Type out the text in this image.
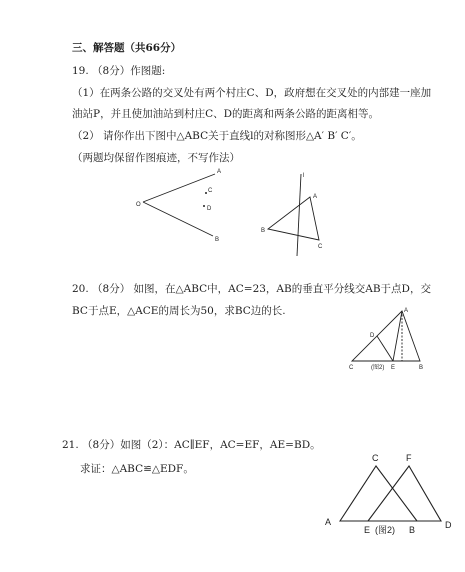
三、解答题（共66分）
19. （8分）作图题:
（1）在两条公路的交叉处有两个村庄C、D，政府想在交叉处的内部建一座加
油站P，并且使加油站到村庄C、D的距离和两条公路的距离相等。
（2） 请你作出下图中△ABC关于直线l的对称图形△A′ B′ C′。
（两题均保留作图痕迹，不写作法）
O
A
C
D
B
l
A
B
C
20. （8分） 如图，在△ABC中，AC=23，AB的垂直平分线交AB于点D，交
BC于点E，△ACE的周长为50，求BC边的长.	A
D
C	E	B
(图2)
21. （8分）如图（2）：AC∥EF，AC=EF，AE=BD。
求证：△ABC≌△EDF。
A
C	F
E (图2) B	D
